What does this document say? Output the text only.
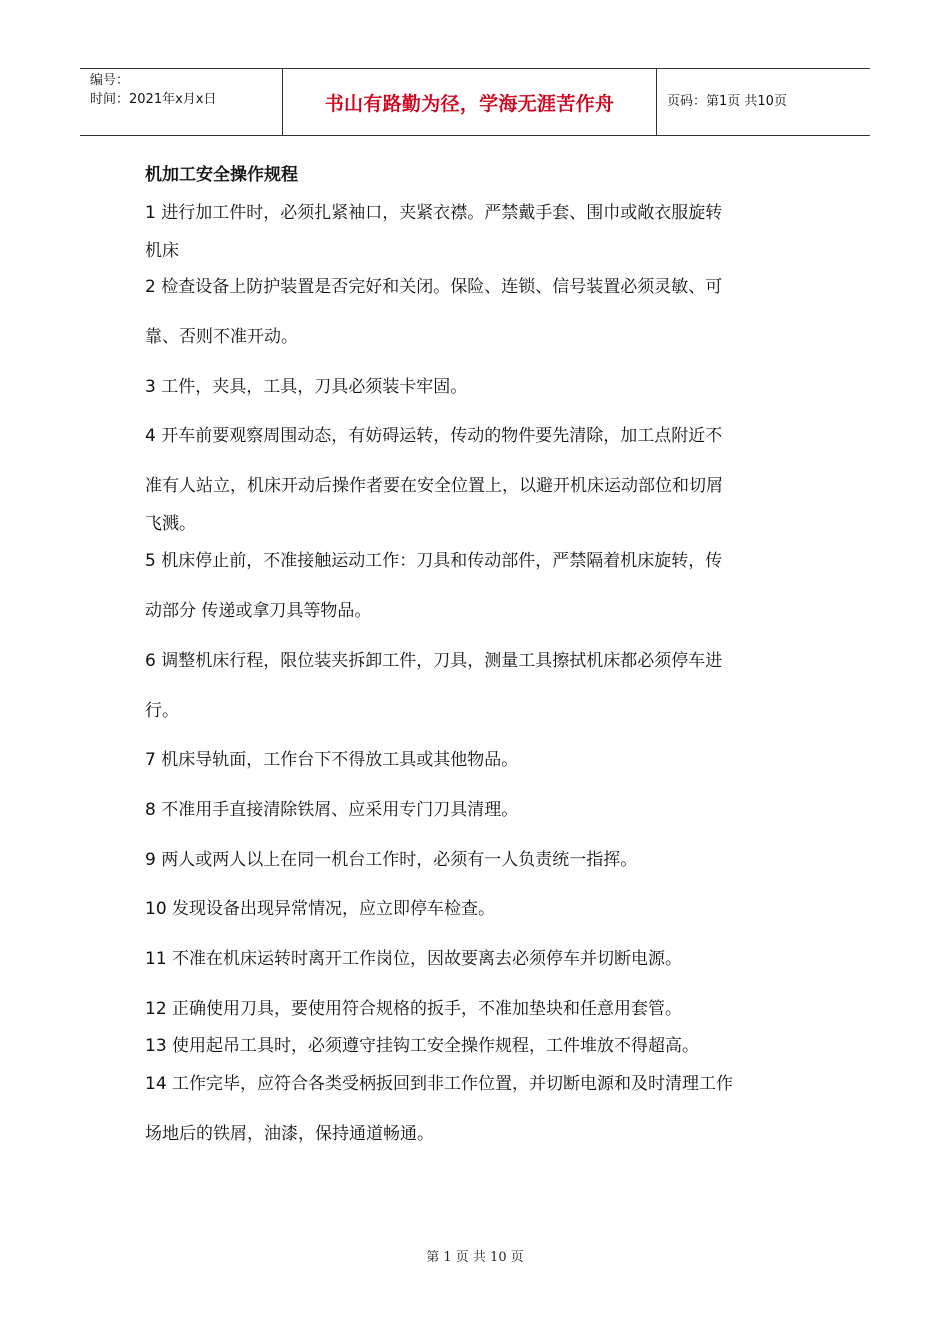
编号：
时间：2021年x月x日	书山有路勤为径，学海无涯苦作舟	页码：第1页 共10页
机加工安全操作规程
1 进行加工件时，必须扎紧袖口，夹紧衣襟。严禁戴手套、围巾或敞衣服旋转
机床
2 检查设备上防护装置是否完好和关闭。保险、连锁、信号装置必须灵敏、可
靠、否则不准开动。
3 工件，夹具，工具，刀具必须装卡牢固。
4 开车前要观察周围动态，有妨碍运转，传动的物件要先清除，加工点附近不
准有人站立，机床开动后操作者要在安全位置上，以避开机床运动部位和切屑
飞溅。
5 机床停止前，不准接触运动工作：刀具和传动部件，严禁隔着机床旋转，传
动部分 传递或拿刀具等物品。
6 调整机床行程，限位装夹拆卸工件，刀具，测量工具擦拭机床都必须停车进
行。
7 机床导轨面，工作台下不得放工具或其他物品。
8 不准用手直接清除铁屑、应采用专门刀具清理。
9 两人或两人以上在同一机台工作时，必须有一人负责统一指挥。
10 发现设备出现异常情况，应立即停车检查。
11 不准在机床运转时离开工作岗位，因故要离去必须停车并切断电源。
12 正确使用刀具，要使用符合规格的扳手，不准加垫块和任意用套管。
13 使用起吊工具时，必须遵守挂钩工安全操作规程，工件堆放不得超高。
14 工作完毕，应符合各类受柄扳回到非工作位置，并切断电源和及时清理工作
场地后的铁屑，油漆，保持通道畅通。
第 1 页 共 10 页
